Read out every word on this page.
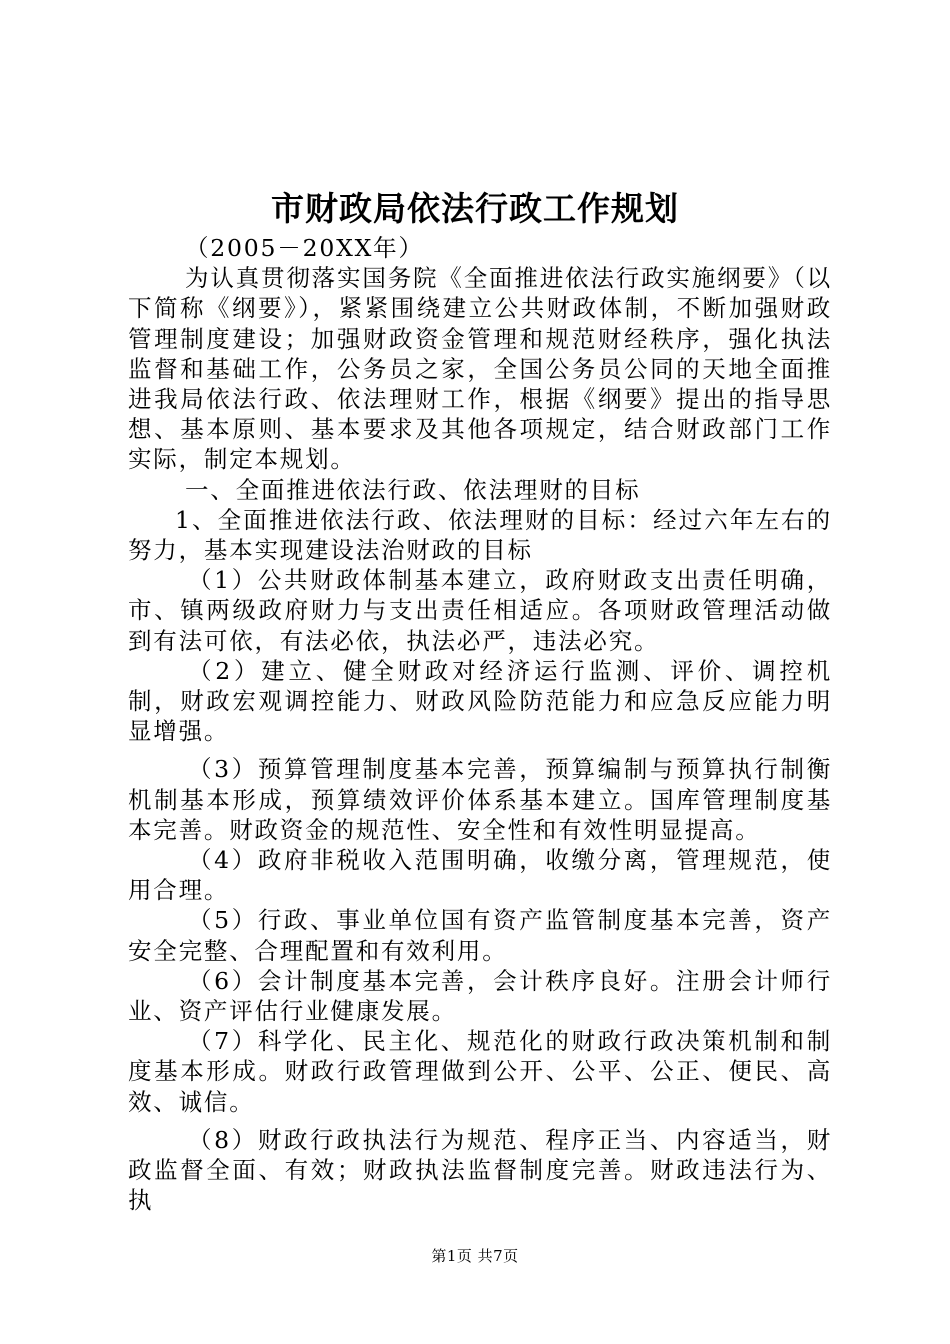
市财政局依法行政工作规划

（2005－20XX年）

为认真贯彻落实国务院《全面推进依法行政实施纲要》（以下简称《纲要》），紧紧围绕建立公共财政体制，不断加强财政管理制度建设；加强财政资金管理和规范财经秩序，强化执法监督和基础工作，公务员之家，全国公务员公同的天地全面推进我局依法行政、依法理财工作，根据《纲要》提出的指导思想、基本原则、基本要求及其他各项规定，结合财政部门工作实际，制定本规划。

一、全面推进依法行政、依法理财的目标

1、全面推进依法行政、依法理财的目标：经过六年左右的努力，基本实现建设法治财政的目标

（1）公共财政体制基本建立，政府财政支出责任明确，市、镇两级政府财力与支出责任相适应。各项财政管理活动做到有法可依，有法必依，执法必严，违法必究。

（2）建立、健全财政对经济运行监测、评价、调控机制，财政宏观调控能力、财政风险防范能力和应急反应能力明显增强。

（3）预算管理制度基本完善，预算编制与预算执行制衡机制基本形成，预算绩效评价体系基本建立。国库管理制度基本完善。财政资金的规范性、安全性和有效性明显提高。

（4）政府非税收入范围明确，收缴分离，管理规范，使用合理。

（5）行政、事业单位国有资产监管制度基本完善，资产安全完整、合理配置和有效利用。

（6）会计制度基本完善，会计秩序良好。注册会计师行业、资产评估行业健康发展。

（7）科学化、民主化、规范化的财政行政决策机制和制度基本形成。财政行政管理做到公开、公平、公正、便民、高效、诚信。

（8）财政行政执法行为规范、程序正当、内容适当，财政监督全面、有效；财政执法监督制度完善。财政违法行为、执

第1页 共7页
